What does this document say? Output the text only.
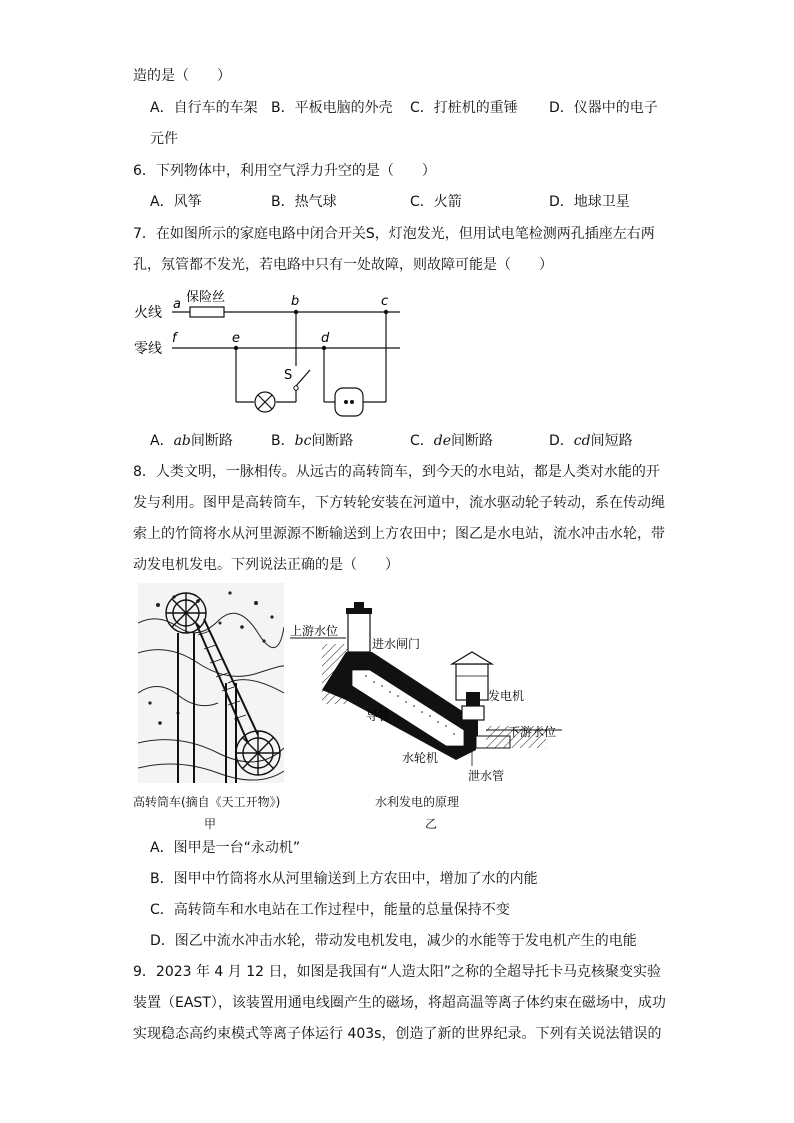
造的是（　　）
A．自行车的车架 B．平板电脑的外壳 C．打桩机的重锤 D．仪器中的电子
元件
6．下列物体中，利用空气浮力升空的是（　　）
A．风筝	B．热气球	C．火箭	D．地球卫星
7．在如图所示的家庭电路中闭合开关S，灯泡发光，但用试电笔检测两孔插座左右两
孔，氖管都不发光，若电路中只有一处故障，则故障可能是（　　）
火线
零线
保险丝
a	b	c
d
e
f
S
A．ab间断路	B．bc间断路	C．de间断路	D．cd间短路
8．人类文明，一脉相传。从远古的高转筒车，到今天的水电站，都是人类对水能的开
发与利用。图甲是高转筒车，下方转轮安装在河道中，流水驱动轮子转动，系在传动绳
索上的竹筒将水从河里源源不断输送到上方农田中；图乙是水电站，流水冲击水轮，带
动发电机发电。下列说法正确的是（　　）
高转筒车(摘自《天工开物》)
甲
上游水位
进水闸门
发电机
导管
下游水位
水轮机
泄水管
水利发电的原理
乙
A．图甲是一台“永动机”
B．图甲中竹筒将水从河里输送到上方农田中，增加了水的内能
C．高转筒车和水电站在工作过程中，能量的总量保持不变
D．图乙中流水冲击水轮，带动发电机发电，减少的水能等于发电机产生的电能
9．2023 年 4 月 12 日，如图是我国有“人造太阳”之称的全超导托卡马克核聚变实验
装置（EAST），该装置用通电线圈产生的磁场，将超高温等离子体约束在磁场中，成功
实现稳态高约束模式等离子体运行 403s，创造了新的世界纪录。下列有关说法错误的
